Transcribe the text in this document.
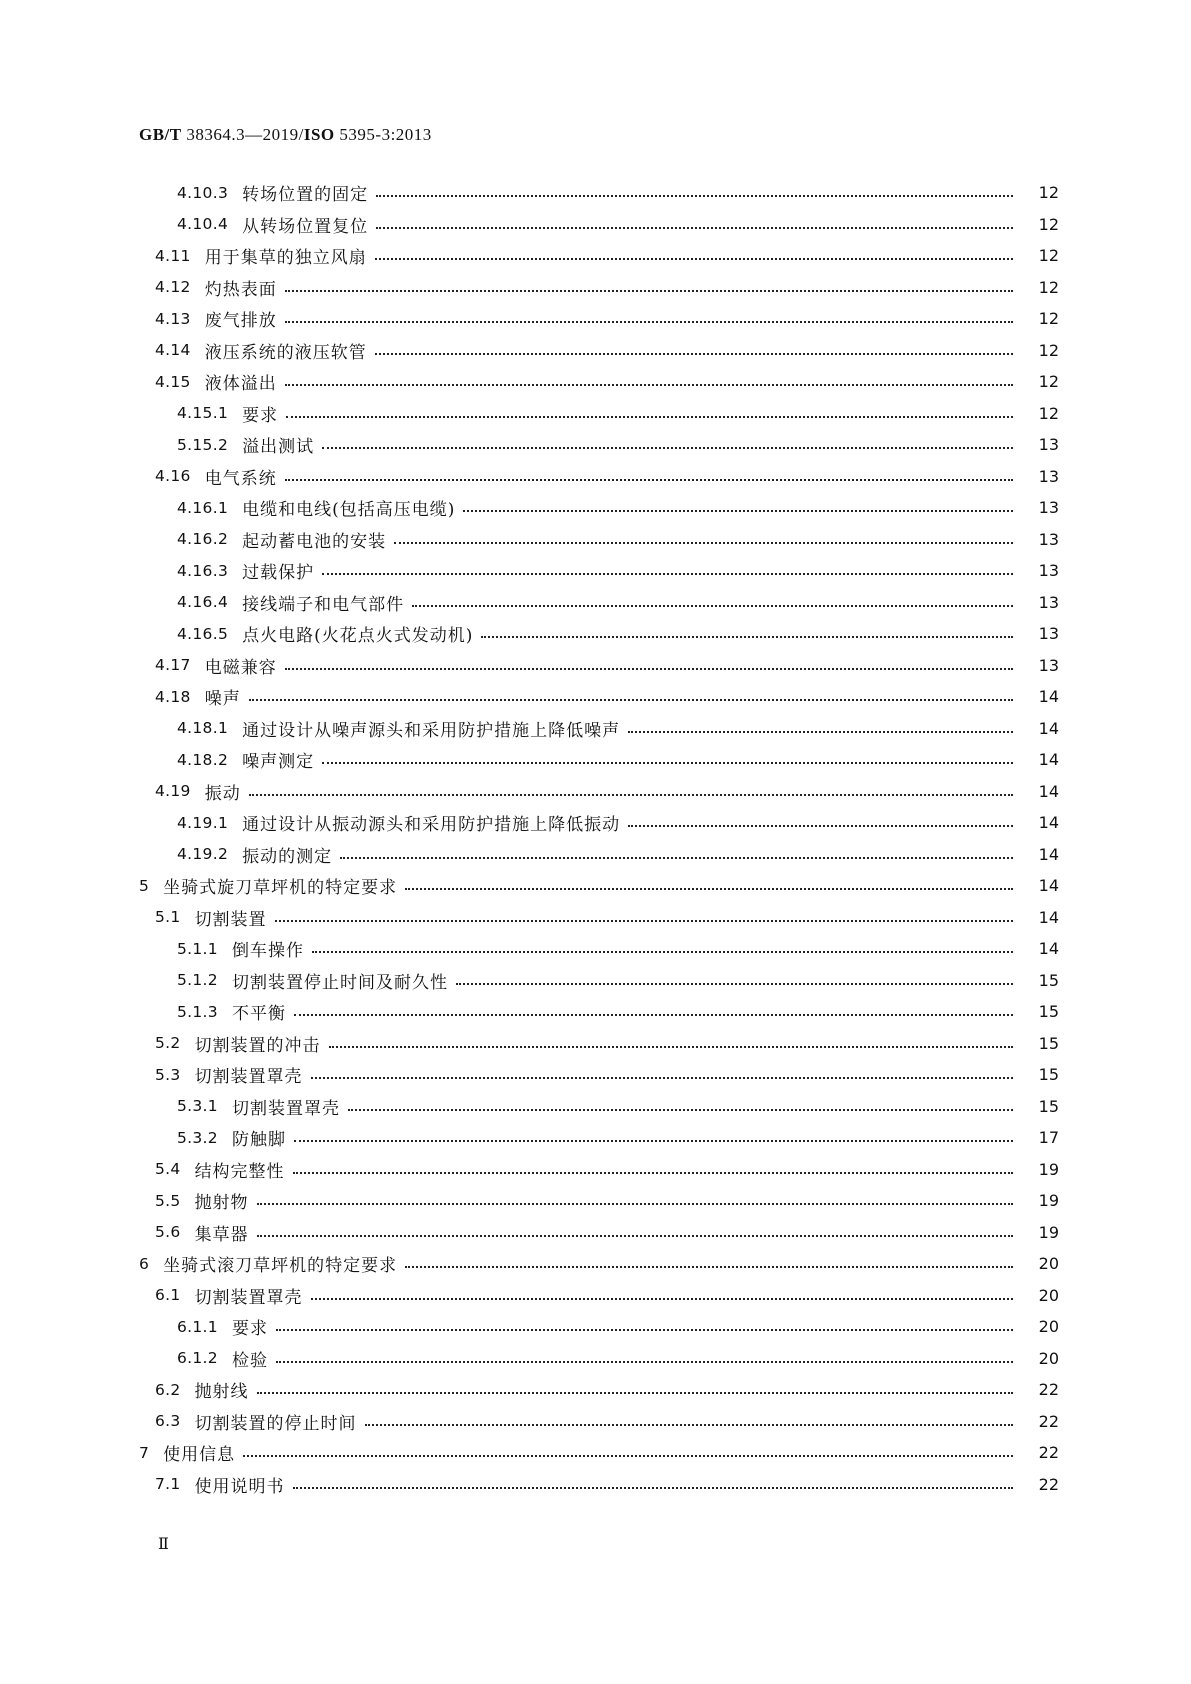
GB/T 38364.3—2019/ISO 5395-3:2013
4.10.3 转场位置的固定	12
4.10.4 从转场位置复位	12
4.11 用于集草的独立风扇	12
4.12 灼热表面	12
4.13 废气排放	12
4.14 液压系统的液压软管	12
4.15 液体溢出	12
4.15.1 要求	12
5.15.2 溢出测试	13
4.16 电气系统	13
4.16.1 电缆和电线(包括高压电缆)	13
4.16.2 起动蓄电池的安装	13
4.16.3 过载保护	13
4.16.4 接线端子和电气部件	13
4.16.5 点火电路(火花点火式发动机)	13
4.17 电磁兼容	13
4.18 噪声	14
4.18.1 通过设计从噪声源头和采用防护措施上降低噪声	14
4.18.2 噪声测定	14
4.19 振动	14
4.19.1 通过设计从振动源头和采用防护措施上降低振动	14
4.19.2 振动的测定	14
5 坐骑式旋刀草坪机的特定要求	14
5.1 切割装置	14
5.1.1 倒车操作	14
5.1.2 切割装置停止时间及耐久性	15
5.1.3 不平衡	15
5.2 切割装置的冲击	15
5.3 切割装置罩壳	15
5.3.1 切割装置罩壳	15
5.3.2 防触脚	17
5.4 结构完整性	19
5.5 抛射物	19
5.6 集草器	19
6 坐骑式滚刀草坪机的特定要求	20
6.1 切割装置罩壳	20
6.1.1 要求	20
6.1.2 检验	20
6.2 抛射线	22
6.3 切割装置的停止时间	22
7 使用信息	22
7.1 使用说明书	22
Ⅱ
